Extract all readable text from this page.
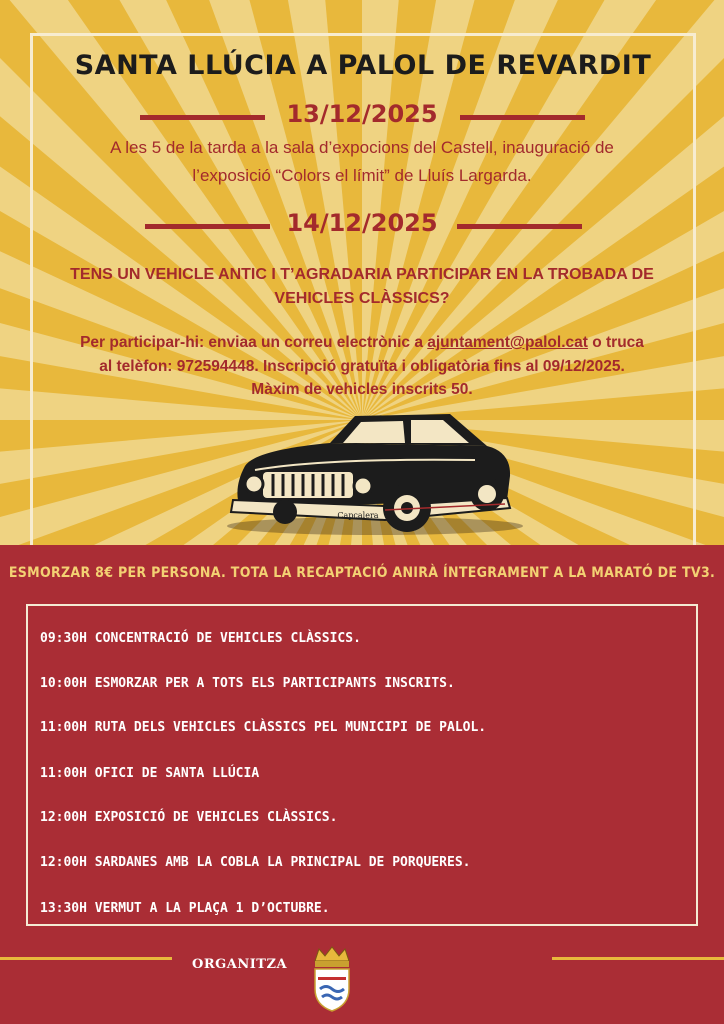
SANTA LLÚCIA A PALOL DE REVARDIT
13/12/2025
A les 5 de la tarda a la sala d’expocions del Castell, inauguració de
l’exposició “Colors el límit” de Lluís Largarda.
14/12/2025
TENS UN VEHICLE ANTIC I T’AGRADARIA PARTICIPAR EN LA TROBADA DE
VEHICLES CLÀSSICS?
Per participar-hi: enviaa un correu electrònic a ajuntament@palol.cat o truca
al telèfon: 972594448. Inscripció gratuïta i obligatòria fins al 09/12/2025.
Màxim de vehicles inscrits 50.
Capcalera
ESMORZAR 8€ PER PERSONA. TOTA LA RECAPTACIÓ ANIRÀ ÍNTEGRAMENT A LA MARATÓ DE TV3.
09:30H CONCENTRACIÓ DE VEHICLES CLÀSSICS.
10:00H ESMORZAR PER A TOTS ELS PARTICIPANTS INSCRITS.
11:00H RUTA DELS VEHICLES CLÀSSICS PEL MUNICIPI DE PALOL.
11:00H OFICI DE SANTA LLÚCIA
12:00H EXPOSICIÓ DE VEHICLES CLÀSSICS.
12:00H SARDANES AMB LA COBLA LA PRINCIPAL DE PORQUERES.
13:30H VERMUT A LA PLAÇA 1 D’OCTUBRE.
ORGANITZA
